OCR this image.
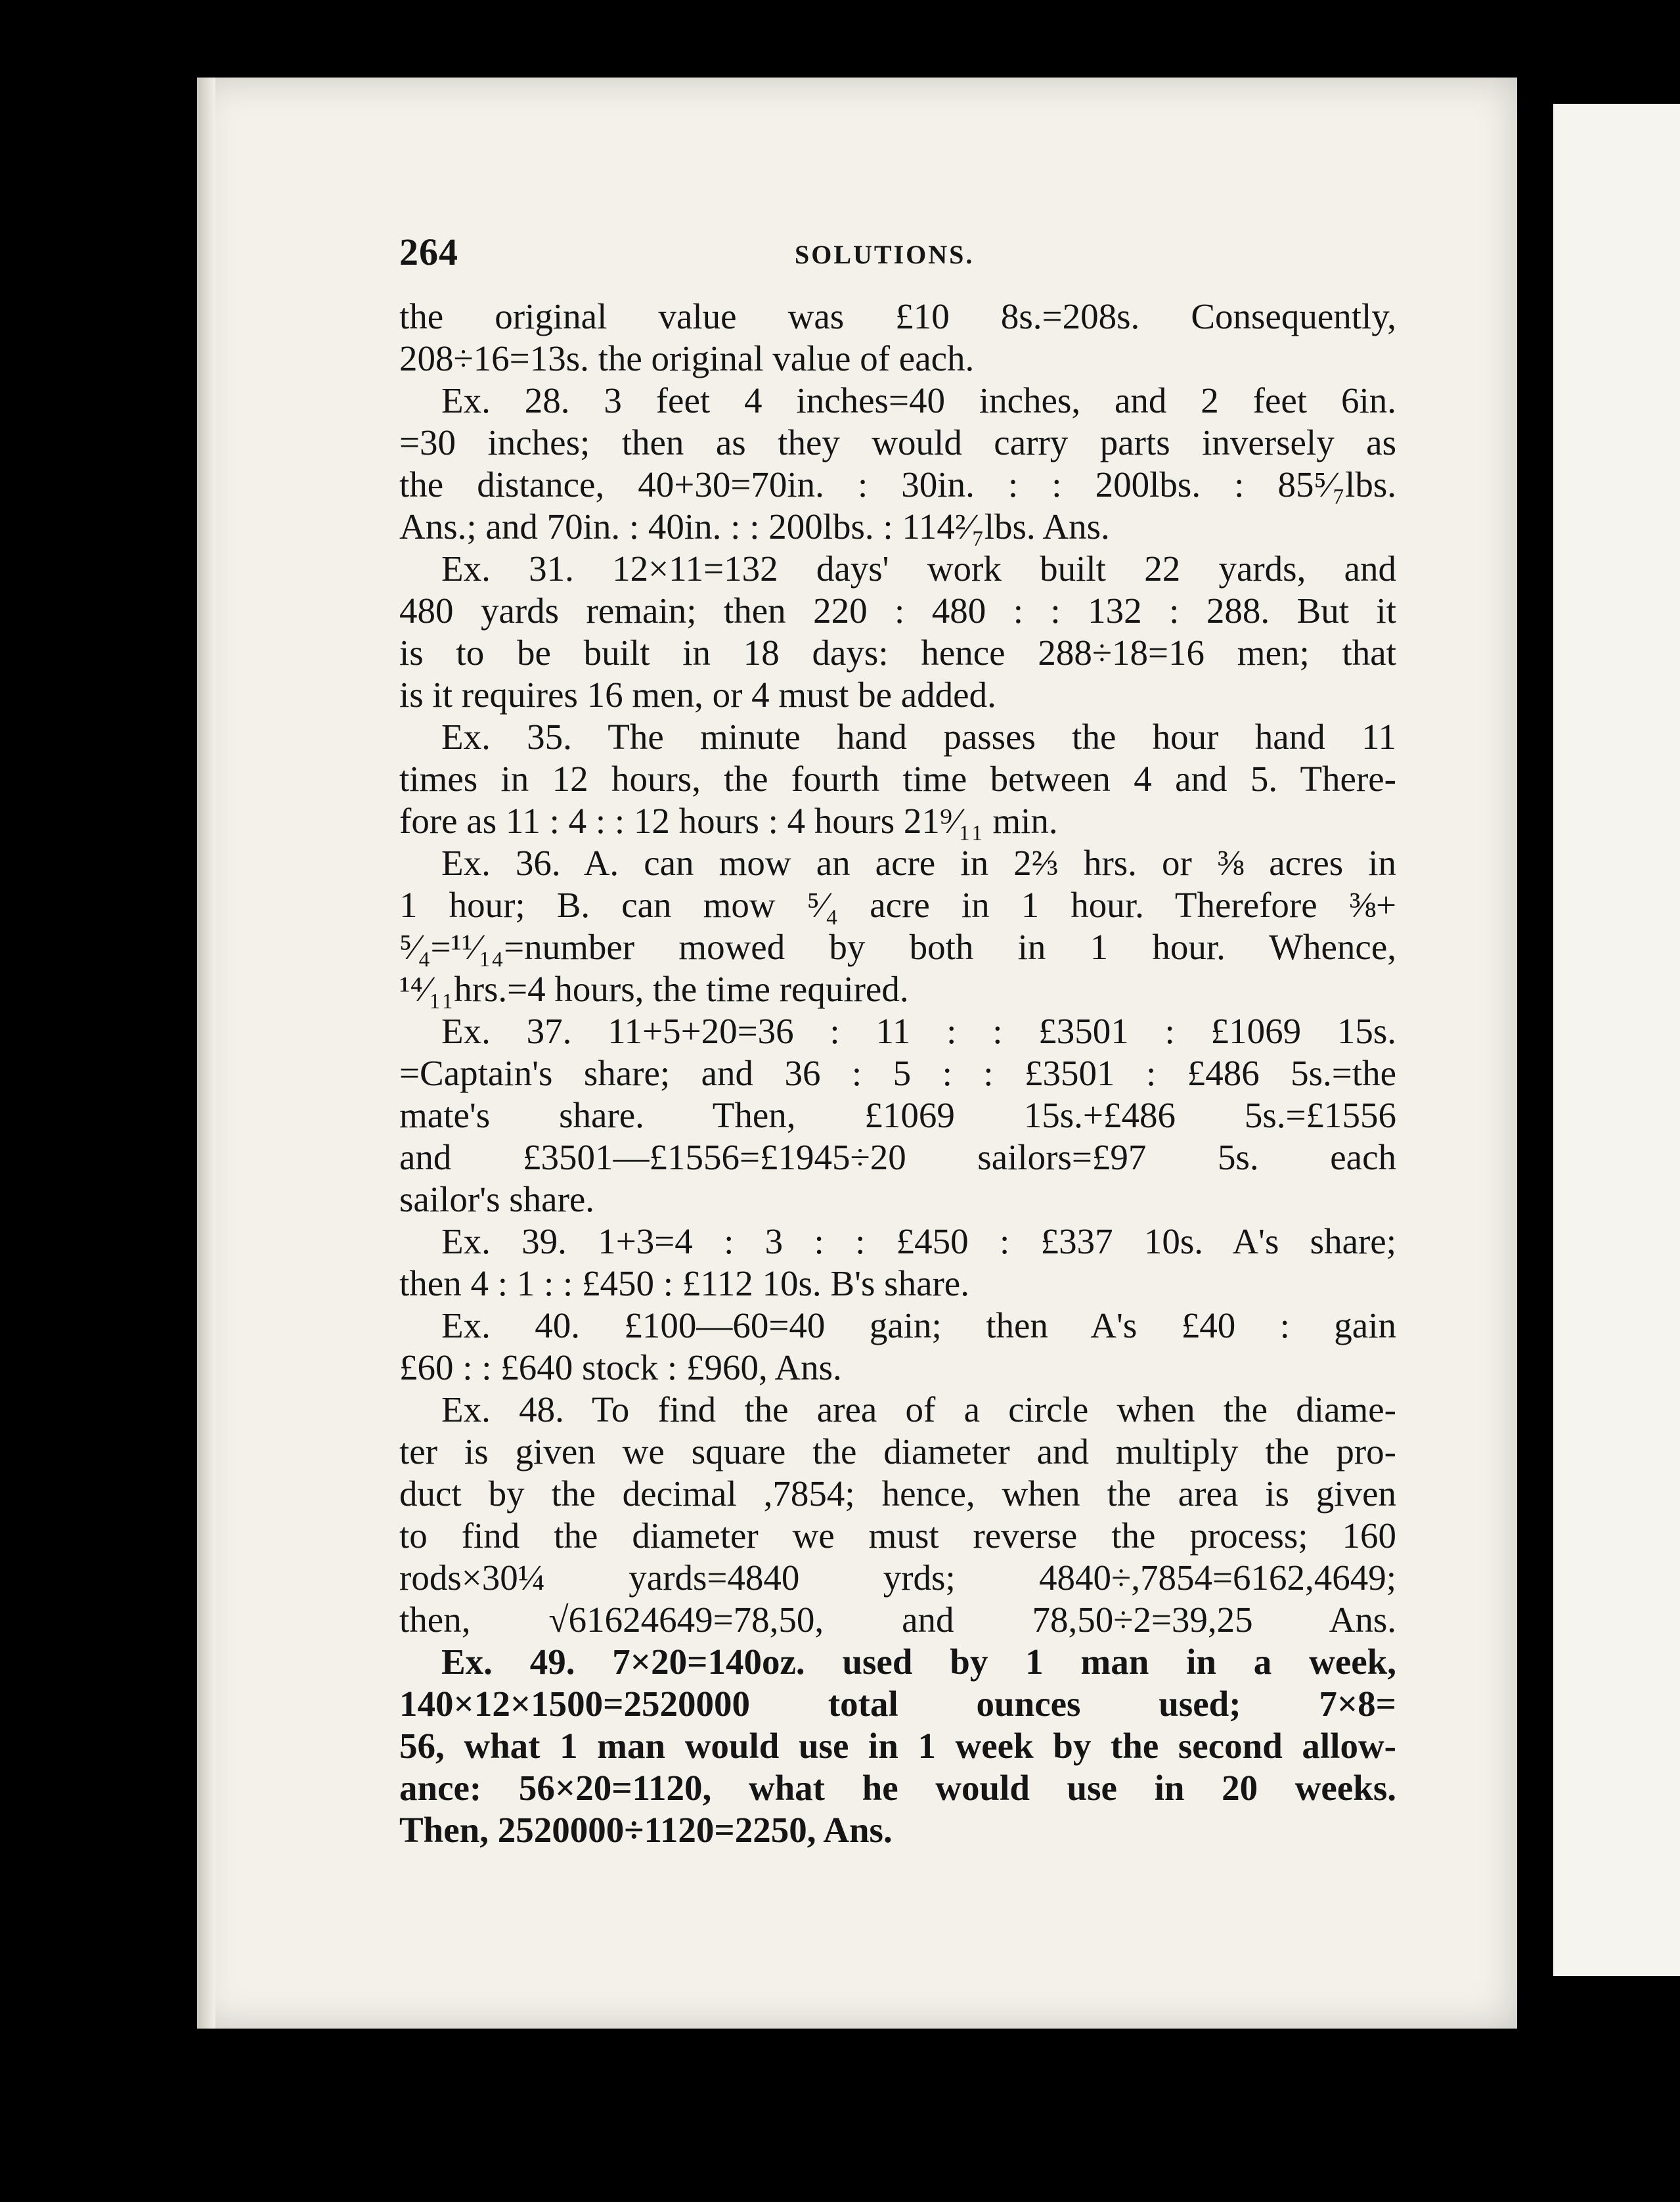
264	SOLUTIONS.
the original value was £10 8s.=208s. Consequently,
208÷16=13s. the original value of each.
Ex. 28. 3 feet 4 inches=40 inches, and 2 feet 6in.
=30 inches; then as they would carry parts inversely as
the distance, 40+30=70in. : 30in. : : 200lbs. : 85⁵⁄₇lbs.
Ans.; and 70in. : 40in. : : 200lbs. : 114²⁄₇lbs. Ans.
Ex. 31. 12×11=132 days' work built 22 yards, and
480 yards remain; then 220 : 480 : : 132 : 288. But it
is to be built in 18 days: hence 288÷18=16 men; that
is it requires 16 men, or 4 must be added.
Ex. 35. The minute hand passes the hour hand 11
times in 12 hours, the fourth time between 4 and 5. There-
fore as 11 : 4 : : 12 hours : 4 hours 21⁹⁄₁₁ min.
Ex. 36. A. can mow an acre in 2⅔ hrs. or ⅜ acres in
1 hour; B. can mow ⁵⁄₄ acre in 1 hour. Therefore ⅜+
⁵⁄₄=¹¹⁄₁₄=number mowed by both in 1 hour. Whence,
¹⁴⁄₁₁hrs.=4 hours, the time required.
Ex. 37. 11+5+20=36 : 11 : : £3501 : £1069 15s.
=Captain's share; and 36 : 5 : : £3501 : £486 5s.=the
mate's share. Then, £1069 15s.+£486 5s.=£1556
and £3501—£1556=£1945÷20 sailors=£97 5s. each
sailor's share.
Ex. 39. 1+3=4 : 3 : : £450 : £337 10s. A's share;
then 4 : 1 : : £450 : £112 10s. B's share.
Ex. 40. £100—60=40 gain; then A's £40 : gain
£60 : : £640 stock : £960, Ans.
Ex. 48. To find the area of a circle when the diame-
ter is given we square the diameter and multiply the pro-
duct by the decimal ,7854; hence, when the area is given
to find the diameter we must reverse the process; 160
rods×30¼ yards=4840 yrds; 4840÷,7854=6162,4649;
then, √61624649=78,50, and 78,50÷2=39,25 Ans.
Ex. 49. 7×20=140oz. used by 1 man in a week,
140×12×1500=2520000 total ounces used; 7×8=
56, what 1 man would use in 1 week by the second allow-
ance: 56×20=1120, what he would use in 20 weeks.
Then, 2520000÷1120=2250, Ans.
